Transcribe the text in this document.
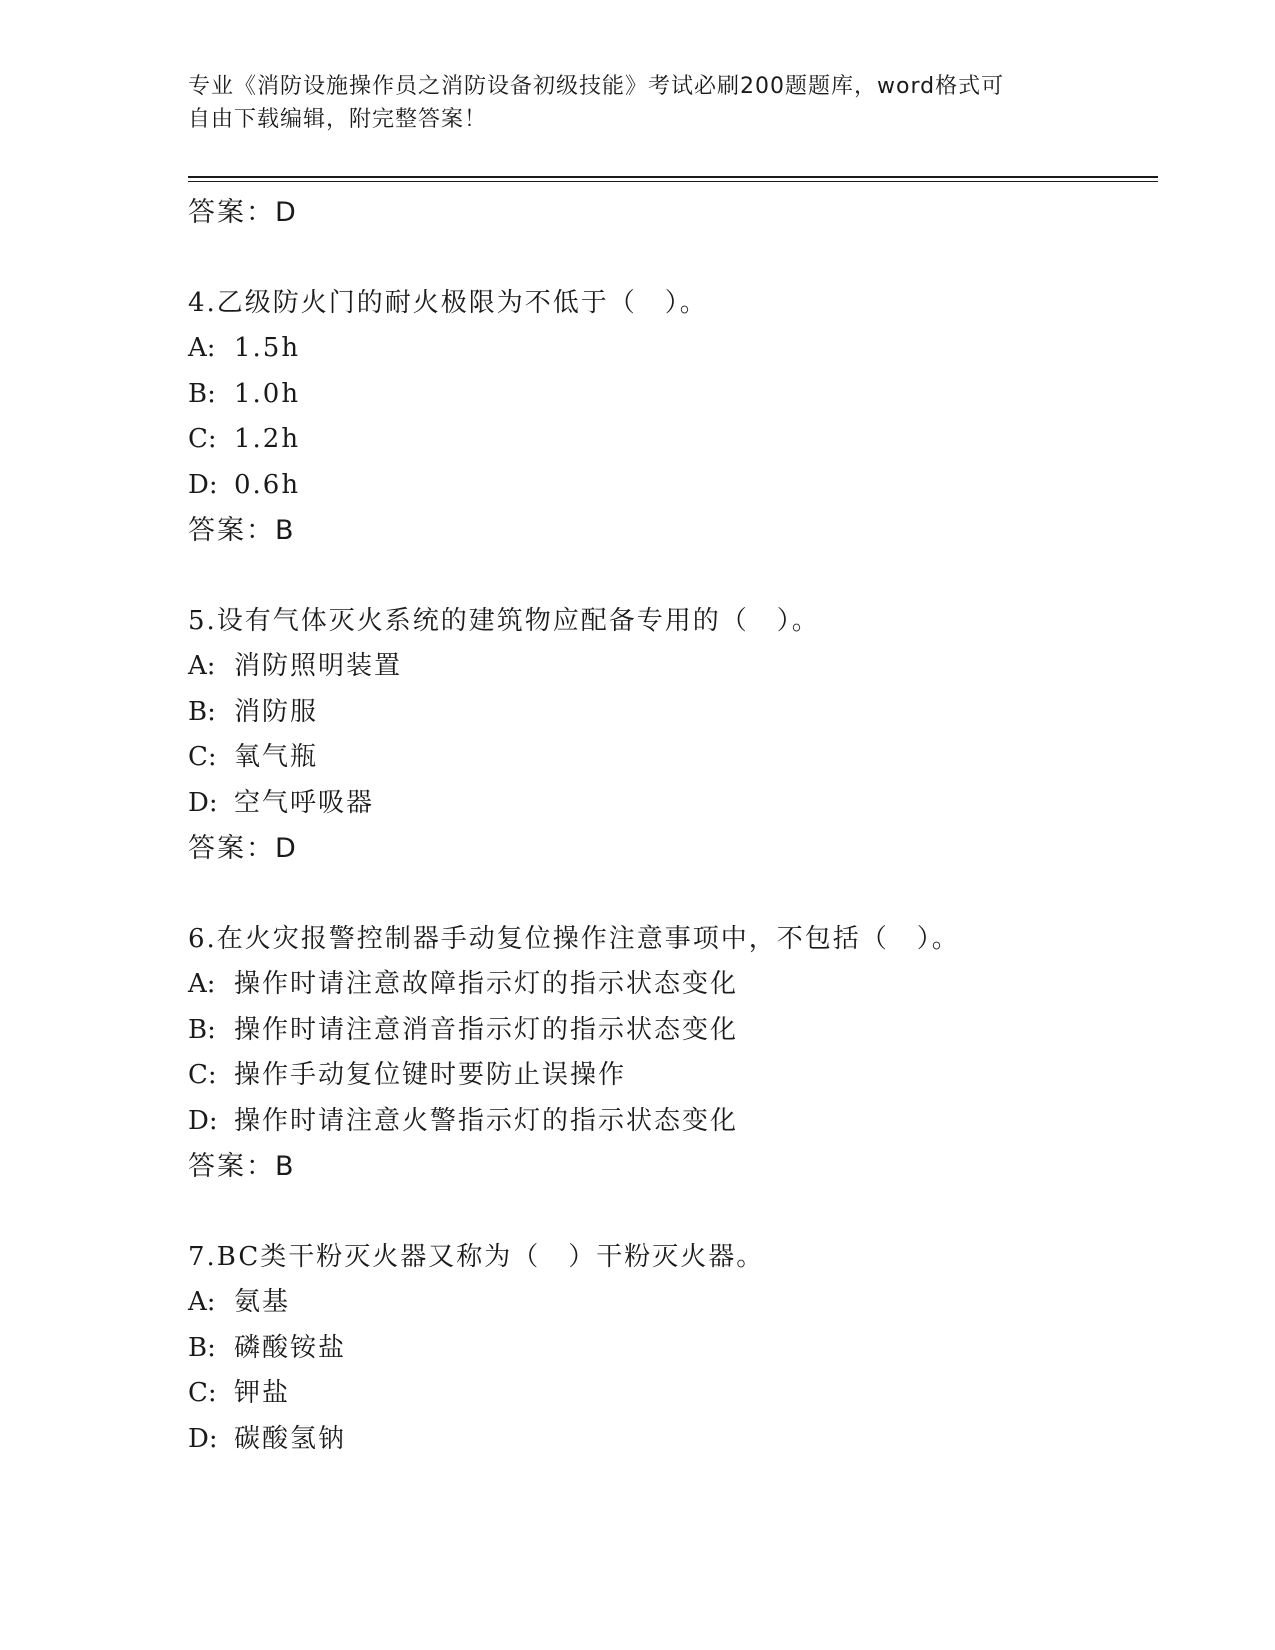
专业《消防设施操作员之消防设备初级技能》考试必刷200题题库，word格式可
自由下载编辑，附完整答案！
答案：D
4.乙级防火门的耐火极限为不低于（　）。
A: 1.5h
B: 1.0h
C: 1.2h
D: 0.6h
答案：B
5.设有气体灭火系统的建筑物应配备专用的（　）。
A: 消防照明装置
B: 消防服
C: 氧气瓶
D: 空气呼吸器
答案：D
6.在火灾报警控制器手动复位操作注意事项中，不包括（　）。
A: 操作时请注意故障指示灯的指示状态变化
B: 操作时请注意消音指示灯的指示状态变化
C: 操作手动复位键时要防止误操作
D: 操作时请注意火警指示灯的指示状态变化
答案：B
7.BC类干粉灭火器又称为（　）干粉灭火器。
A: 氨基
B: 磷酸铵盐
C: 钾盐
D: 碳酸氢钠
